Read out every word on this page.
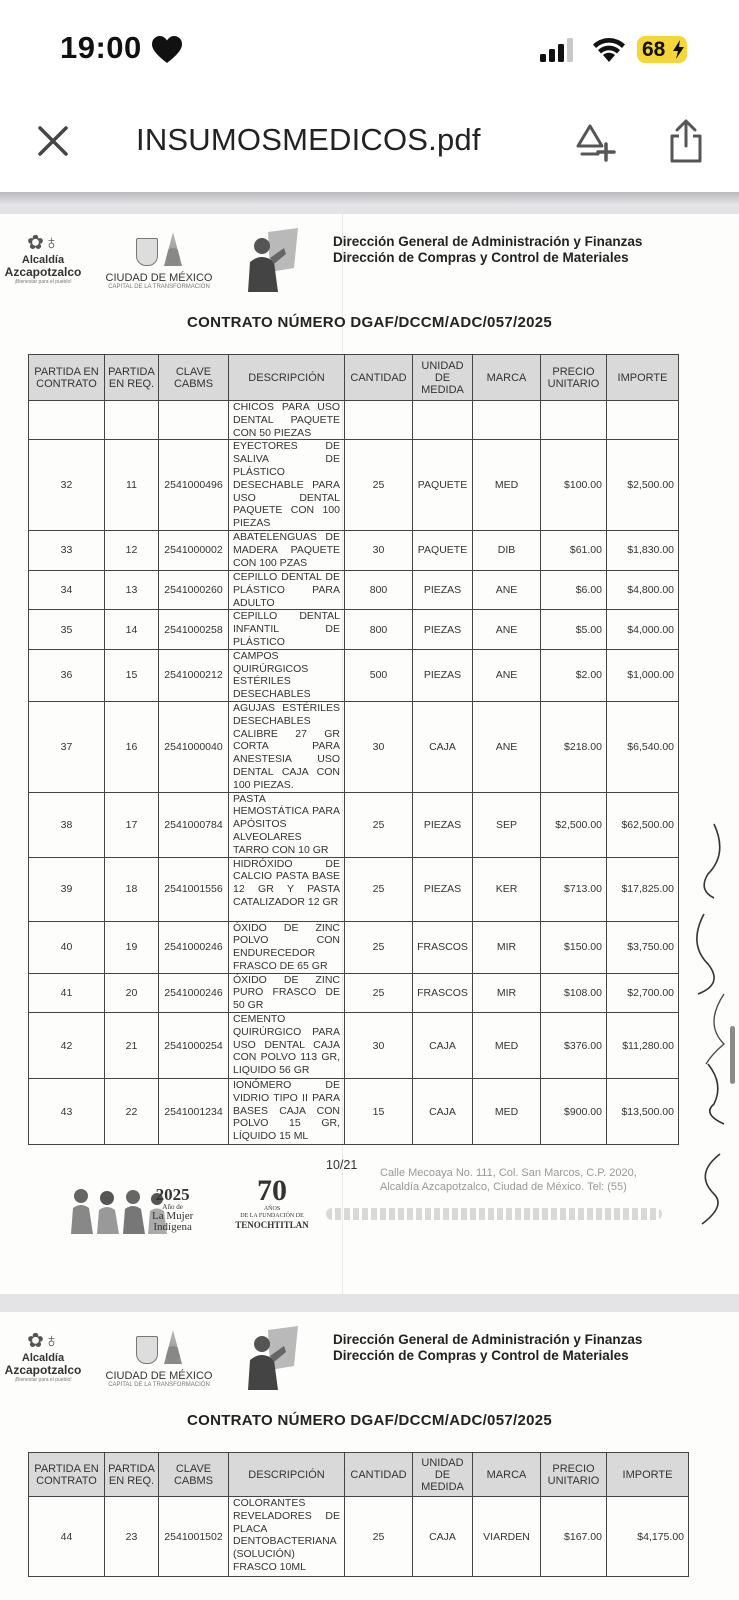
19:00	68
INSUMOSMEDICOS.pdf
✿♁
Alcaldía
Azcapotzalco
¡Bienestar para el pueblo!	CIUDAD DE MÉXICO
CAPITAL DE LA TRANSFORMACIÓN
Dirección General de Administración y Finanzas
Dirección de Compras y Control de Materiales
CONTRATO NÚMERO DGAF/DCCM/ADC/057/2025
PARTIDA EN CONTRATO	PARTIDA EN REQ.	CLAVE CABMS	DESCRIPCIÓN	CANTIDAD	UNIDAD DE MEDIDA	MARCA	PRECIO UNITARIO	IMPORTE
			CHICOS PARA USO DENTAL PAQUETE CON 50 PIEZAS					
32	11	2541000496	EYECTORES DE SALIVA DE PLÁSTICO DESECHABLE PARA USO DENTAL PAQUETE CON 100 PIEZAS	25	PAQUETE	MED	$100.00	$2,500.00
33	12	2541000002	ABATELENGUAS DE MADERA PAQUETE CON 100 PZAS	30	PAQUETE	DIB	$61.00	$1,830.00
34	13	2541000260	CEPILLO DENTAL DE PLÁSTICO PARA ADULTO	800	PIEZAS	ANE	$6.00	$4,800.00
35	14	2541000258	CEPILLO DENTAL INFANTIL DE PLÁSTICO	800	PIEZAS	ANE	$5.00	$4,000.00
36	15	2541000212	CAMPOS QUIRÚRGICOS ESTÉRILES DESECHABLES	500	PIEZAS	ANE	$2.00	$1,000.00
37	16	2541000040	AGUJAS ESTÉRILES DESECHABLES CALIBRE 27 GR CORTA PARA ANESTESIA USO DENTAL CAJA CON 100 PIEZAS.	30	CAJA	ANE	$218.00	$6,540.00
38	17	2541000784	PASTA HEMOSTÁTICA PARA APÓSITOS ALVEOLARES TARRO CON 10 GR	25	PIEZAS	SEP	$2,500.00	$62,500.00
39	18	2541001556	HIDRÓXIDO DE CALCIO PASTA BASE 12 GR Y PASTA CATALIZADOR 12 GR	25	PIEZAS	KER	$713.00	$17,825.00
40	19	2541000246	ÓXIDO DE ZINC POLVO CON ENDURECEDOR FRASCO DE 65 GR	25	FRASCOS	MIR	$150.00	$3,750.00
41	20	2541000246	ÓXIDO DE ZINC PURO FRASCO DE 50 GR	25	FRASCOS	MIR	$108.00	$2,700.00
42	21	2541000254	CEMENTO QUIRÚRGICO PARA USO DENTAL CAJA CON POLVO 113 GR, LIQUIDO 56 GR	30	CAJA	MED	$376.00	$11,280.00
43	22	2541001234	IONÓMERO DE VIDRIO TIPO II PARA BASES CAJA CON POLVO 15 GR, LÍQUIDO 15 ML	15	CAJA	MED	$900.00	$13,500.00
10/21
2025
Año de
La Mujer
Indígena
70
AÑOS
DE LA FUNDACIÓN DE
TENOCHTITLAN
Calle Mecoaya No. 111, Col. San Marcos, C.P. 2020,
Alcaldía Azcapotzalco, Ciudad de México. Tel: (55)
✿♁
Alcaldía
Azcapotzalco
¡Bienestar para el pueblo!	CIUDAD DE MÉXICO
CAPITAL DE LA TRANSFORMACIÓN
Dirección General de Administración y Finanzas
Dirección de Compras y Control de Materiales
CONTRATO NÚMERO DGAF/DCCM/ADC/057/2025
PARTIDA EN CONTRATO	PARTIDA EN REQ.	CLAVE CABMS	DESCRIPCIÓN	CANTIDAD	UNIDAD DE MEDIDA	MARCA	PRECIO UNITARIO	IMPORTE
44	23	2541001502	COLORANTES REVELADORES DE PLACA DENTOBACTERIANA (SOLUCIÓN) FRASCO 10ML	25	CAJA	VIARDEN	$167.00	$4,175.00
